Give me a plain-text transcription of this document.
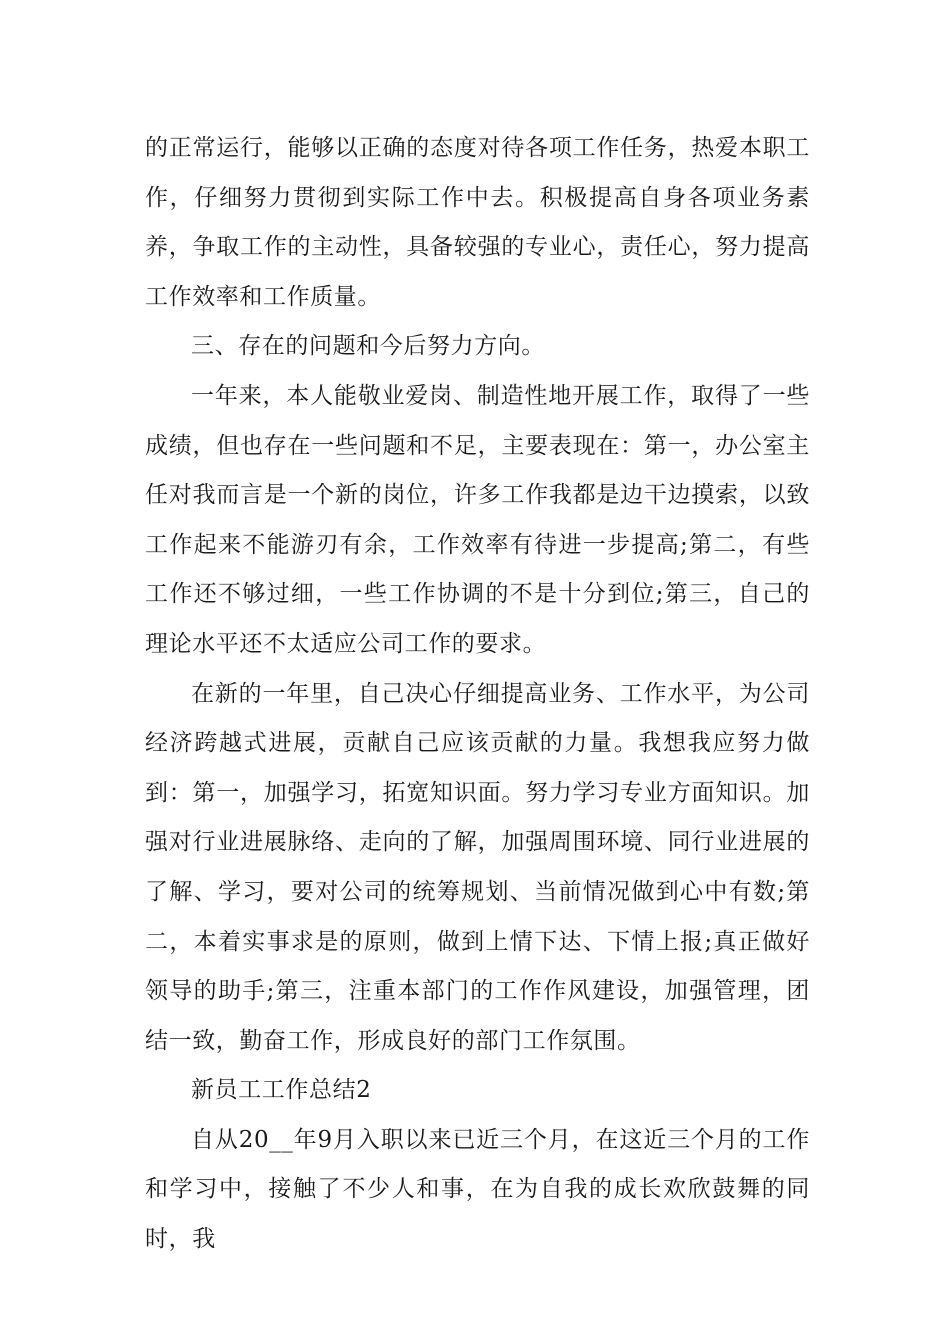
的正常运行，能够以正确的态度对待各项工作任务，热爱本职工作，仔细努力贯彻到实际工作中去。积极提高自身各项业务素养，争取工作的主动性，具备较强的专业心，责任心，努力提高工作效率和工作质量。

三、存在的问题和今后努力方向。

一年来，本人能敬业爱岗、制造性地开展工作，取得了一些成绩，但也存在一些问题和不足，主要表现在：第一，办公室主任对我而言是一个新的岗位，许多工作我都是边干边摸索，以致工作起来不能游刃有余，工作效率有待进一步提高;第二，有些工作还不够过细，一些工作协调的不是十分到位;第三，自己的理论水平还不太适应公司工作的要求。

在新的一年里，自己决心仔细提高业务、工作水平，为公司经济跨越式进展，贡献自己应该贡献的力量。我想我应努力做到：第一，加强学习，拓宽知识面。努力学习专业方面知识。加强对行业进展脉络、走向的了解，加强周围环境、同行业进展的了解、学习，要对公司的统筹规划、当前情况做到心中有数;第二，本着实事求是的原则，做到上情下达、下情上报;真正做好领导的助手;第三，注重本部门的工作作风建设，加强管理，团结一致，勤奋工作，形成良好的部门工作氛围。

新员工工作总结2

自从20__年9月入职以来已近三个月，在这近三个月的工作和学习中，接触了不少人和事，在为自我的成长欢欣鼓舞的同时，我
